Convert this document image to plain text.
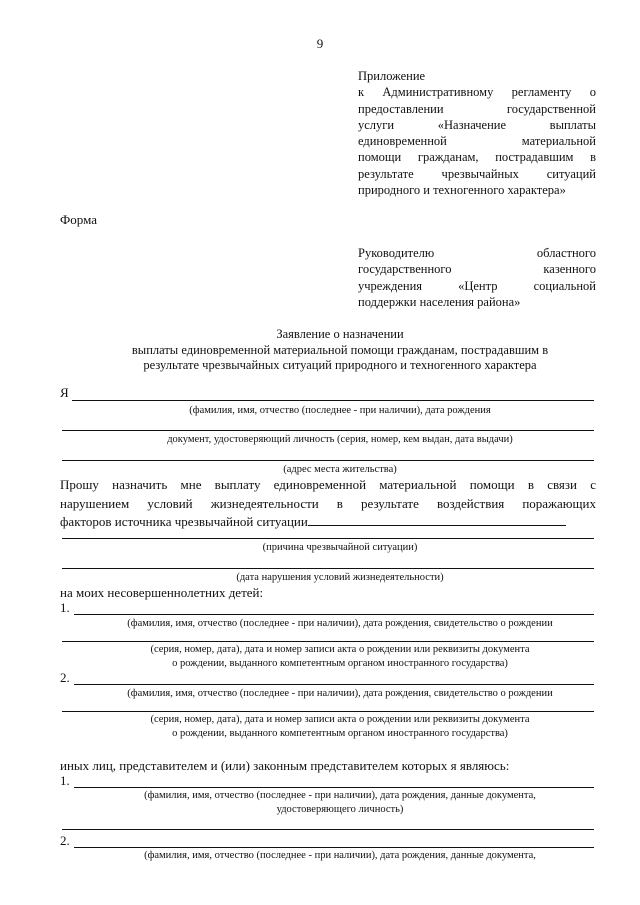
9
Приложение
к Административному регламенту о
предоставлении государственной
услуги «Назначение выплаты
единовременной материальной
помощи гражданам, пострадавшим в
результате чрезвычайных ситуаций
природного и техногенного характера»
Форма
Руководителю областного
государственного казенного
учреждения «Центр социальной
поддержки населения района»
Заявление о назначении
выплаты единовременной материальной помощи гражданам, пострадавшим в
результате чрезвычайных ситуаций природного и техногенного характера
Я
(фамилия, имя, отчество (последнее - при наличии), дата рождения
документ, удостоверяющий личность (серия, номер, кем выдан, дата выдачи)
(адрес места жительства)
Прошу назначить мне выплату единовременной материальной помощи в связи с
нарушением условий жизнедеятельности в результате воздействия поражающих
факторов источника чрезвычайной ситуации
(причина чрезвычайной ситуации)
(дата нарушения условий жизнедеятельности)
на моих несовершеннолетних детей:
1.
(фамилия, имя, отчество (последнее - при наличии), дата рождения, свидетельство о рождении
(серия, номер, дата), дата и номер записи акта о рождении или реквизиты документа
о рождении, выданного компетентным органом иностранного государства)
2.
(фамилия, имя, отчество (последнее - при наличии), дата рождения, свидетельство о рождении
(серия, номер, дата), дата и номер записи акта о рождении или реквизиты документа
о рождении, выданного компетентным органом иностранного государства)
иных лиц, представителем и (или) законным представителем которых я являюсь:
1.
(фамилия, имя, отчество (последнее - при наличии), дата рождения, данные документа,
удостоверяющего личность)
2.
(фамилия, имя, отчество (последнее - при наличии), дата рождения, данные документа,
